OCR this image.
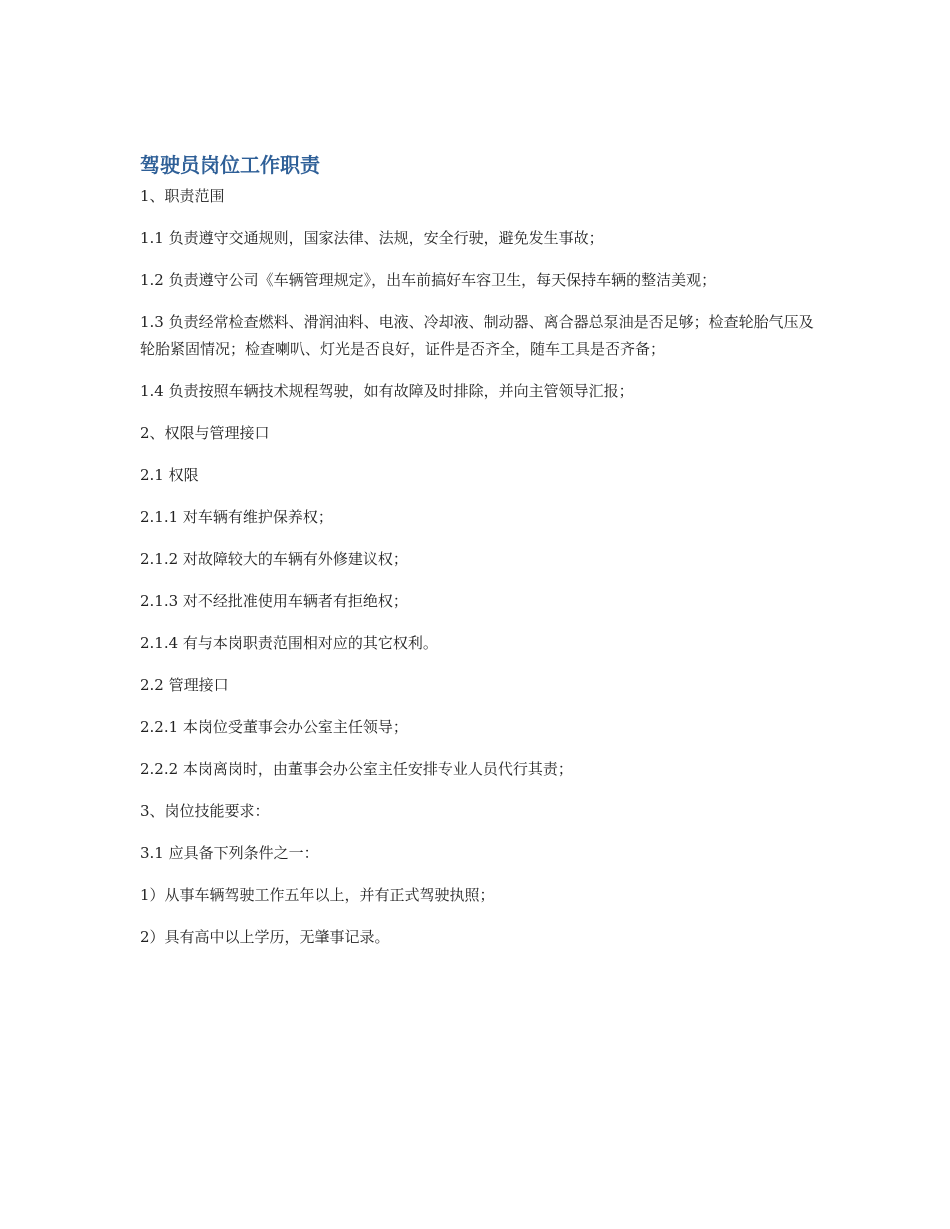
驾驶员岗位工作职责

1、职责范围

1.1 负责遵守交通规则，国家法律、法规，安全行驶，避免发生事故；

1.2 负责遵守公司《车辆管理规定》，出车前搞好车容卫生，每天保持车辆的整洁美观；

1.3 负责经常检查燃料、滑润油料、电液、冷却液、制动器、离合器总泵油是否足够；检查轮胎气压及轮胎紧固情况；检查喇叭、灯光是否良好，证件是否齐全，随车工具是否齐备；

1.4 负责按照车辆技术规程驾驶，如有故障及时排除，并向主管领导汇报；

2、权限与管理接口

2.1 权限

2.1.1 对车辆有维护保养权；

2.1.2 对故障较大的车辆有外修建议权；

2.1.3 对不经批准使用车辆者有拒绝权；

2.1.4 有与本岗职责范围相对应的其它权利。

2.2 管理接口

2.2.1 本岗位受董事会办公室主任领导；

2.2.2 本岗离岗时，由董事会办公室主任安排专业人员代行其责；

3、岗位技能要求：

3.1 应具备下列条件之一：

1）从事车辆驾驶工作五年以上，并有正式驾驶执照；

2）具有高中以上学历，无肇事记录。
